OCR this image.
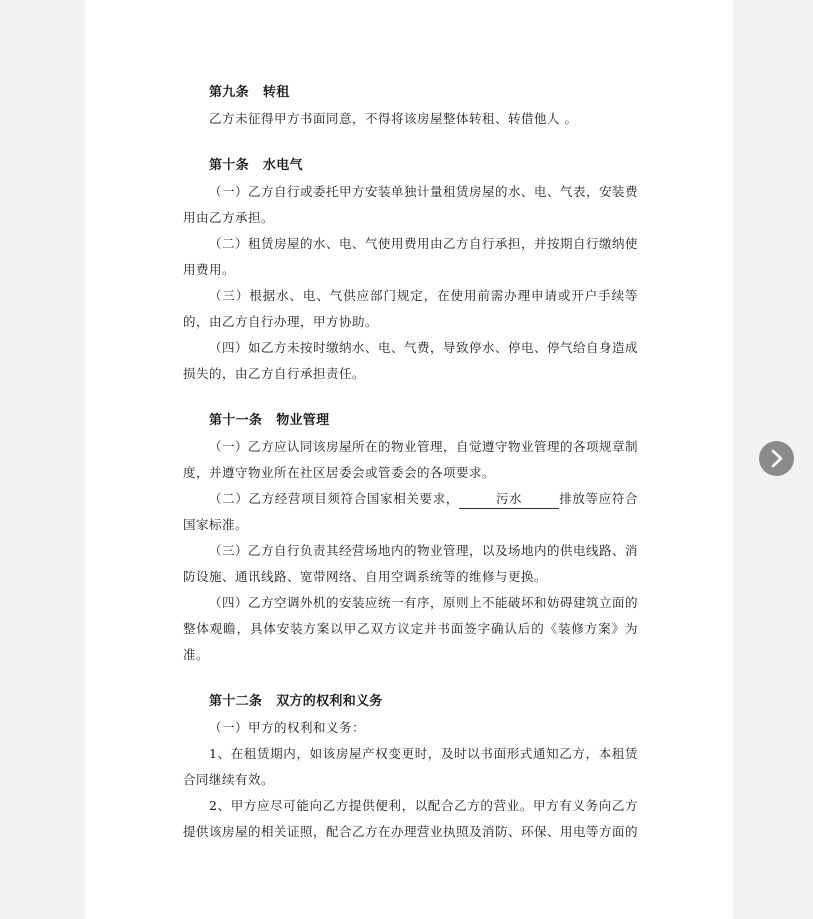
第九条 转租
乙方未征得甲方书面同意，不得将该房屋整体转租、转借他人 。
第十条 水电气
（一）乙方自行或委托甲方安装单独计量租赁房屋的水、电、气表，安装费用由乙方承担。
（二）租赁房屋的水、电、气使用费用由乙方自行承担，并按期自行缴纳使用费用。
（三）根据水、电、气供应部门规定，在使用前需办理申请或开户手续等的，由乙方自行办理，甲方协助。
（四）如乙方未按时缴纳水、电、气费，导致停水、停电、停气给自身造成损失的，由乙方自行承担责任。
第十一条 物业管理
（一）乙方应认同该房屋所在的物业管理，自觉遵守物业管理的各项规章制度，并遵守物业所在社区居委会或管委会的各项要求。
（二）乙方经营项目须符合国家相关要求，	污水	排放等应符合国家标准。
（三）乙方自行负责其经营场地内的物业管理，以及场地内的供电线路、消防设施、通讯线路、宽带网络、自用空调系统等的维修与更换。
（四）乙方空调外机的安装应统一有序，原则上不能破坏和妨碍建筑立面的整体观瞻，具体安装方案以甲乙双方议定并书面签字确认后的《装修方案》为准。
第十二条 双方的权利和义务
（一）甲方的权利和义务：
1、在租赁期内，如该房屋产权变更时，及时以书面形式通知乙方，本租赁合同继续有效。
2、甲方应尽可能向乙方提供便利，以配合乙方的营业。甲方有义务向乙方提供该房屋的相关证照，配合乙方在办理营业执照及消防、环保、用电等方面的
